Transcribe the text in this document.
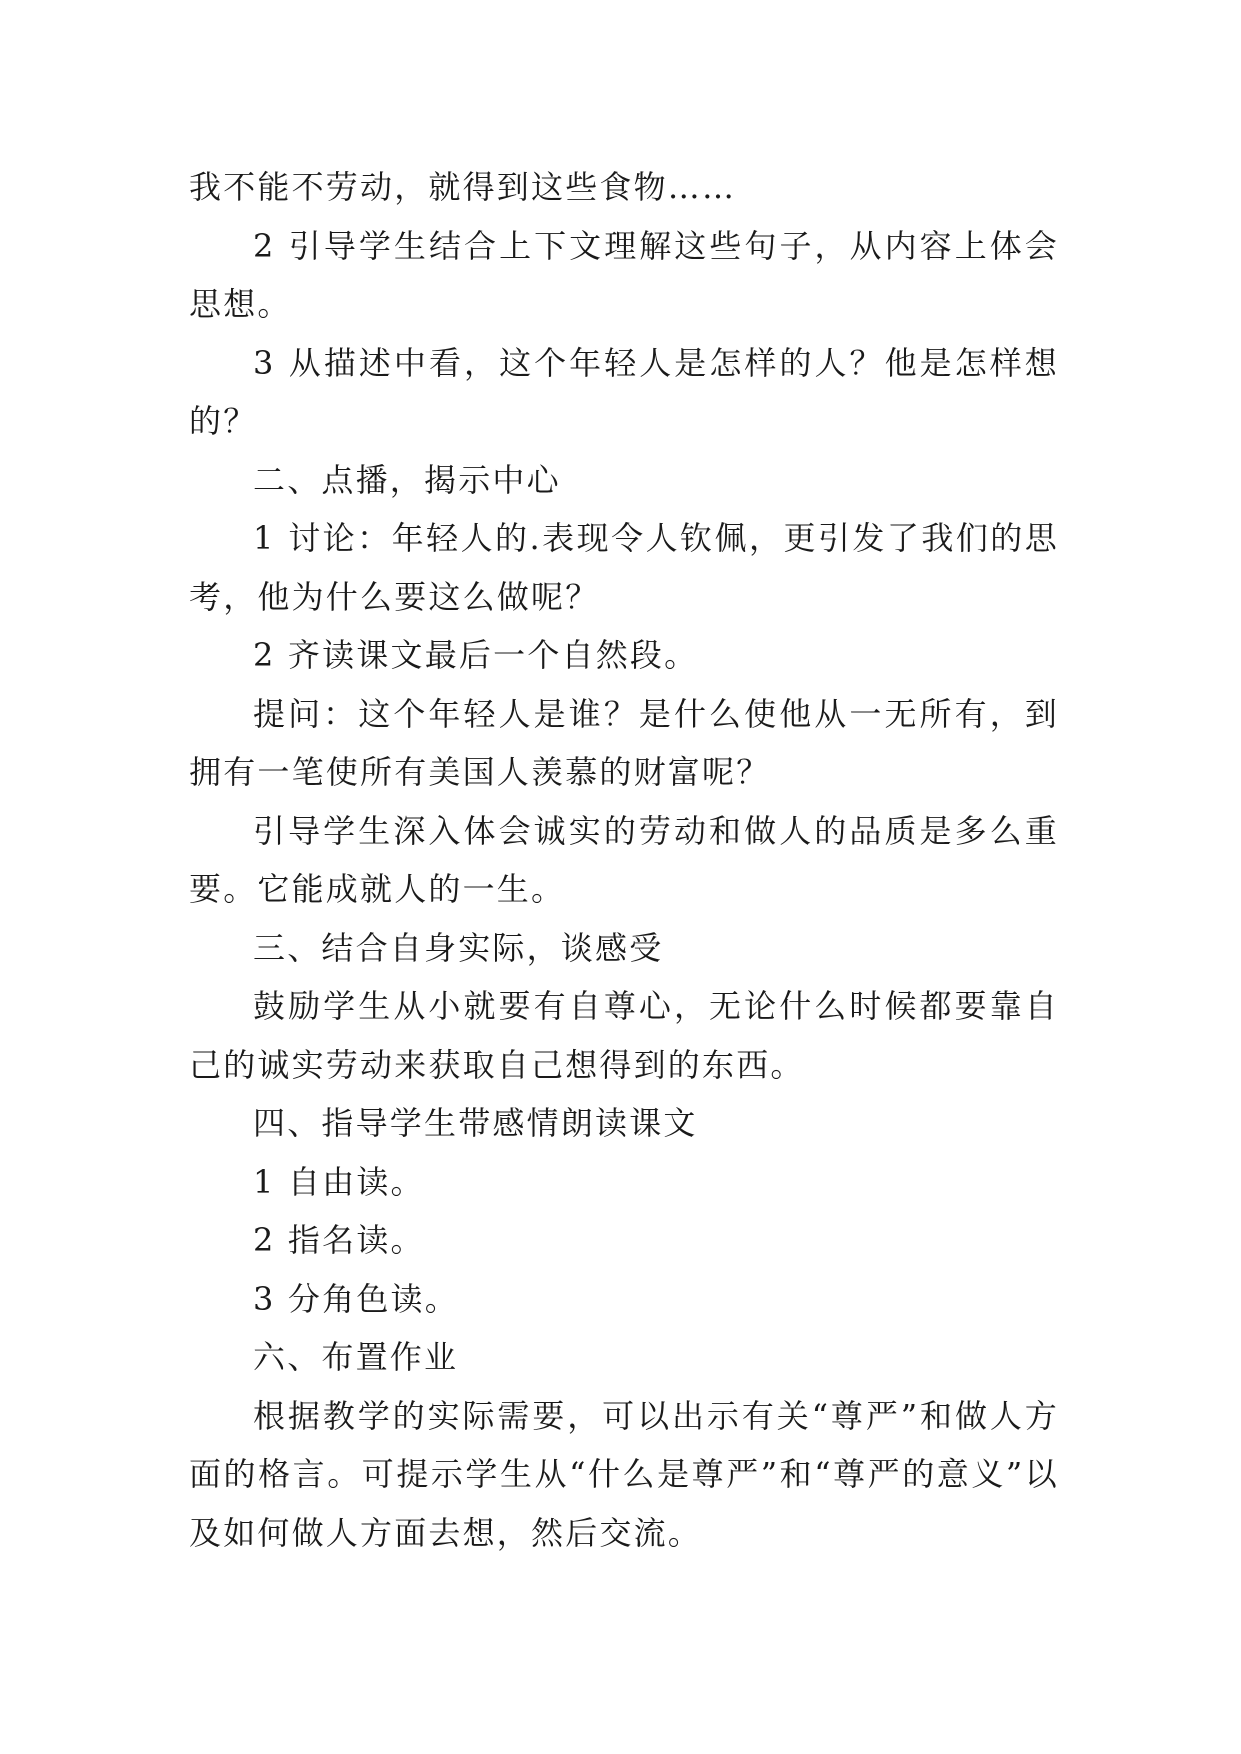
我不能不劳动，就得到这些食物……

2 引导学生结合上下文理解这些句子，从内容上体会思想。

3 从描述中看，这个年轻人是怎样的人？他是怎样想的？

二、点播，揭示中心

1 讨论：年轻人的.表现令人钦佩，更引发了我们的思考，他为什么要这么做呢？

2 齐读课文最后一个自然段。

提问：这个年轻人是谁？是什么使他从一无所有，到拥有一笔使所有美国人羡慕的财富呢？

引导学生深入体会诚实的劳动和做人的品质是多么重要。它能成就人的一生。

三、结合自身实际，谈感受

鼓励学生从小就要有自尊心，无论什么时候都要靠自己的诚实劳动来获取自己想得到的东西。

四、指导学生带感情朗读课文

1 自由读。

2 指名读。

3 分角色读。

六、布置作业

根据教学的实际需要，可以出示有关“尊严”和做人方面的格言。可提示学生从“什么是尊严”和“尊严的意义”以及如何做人方面去想，然后交流。
